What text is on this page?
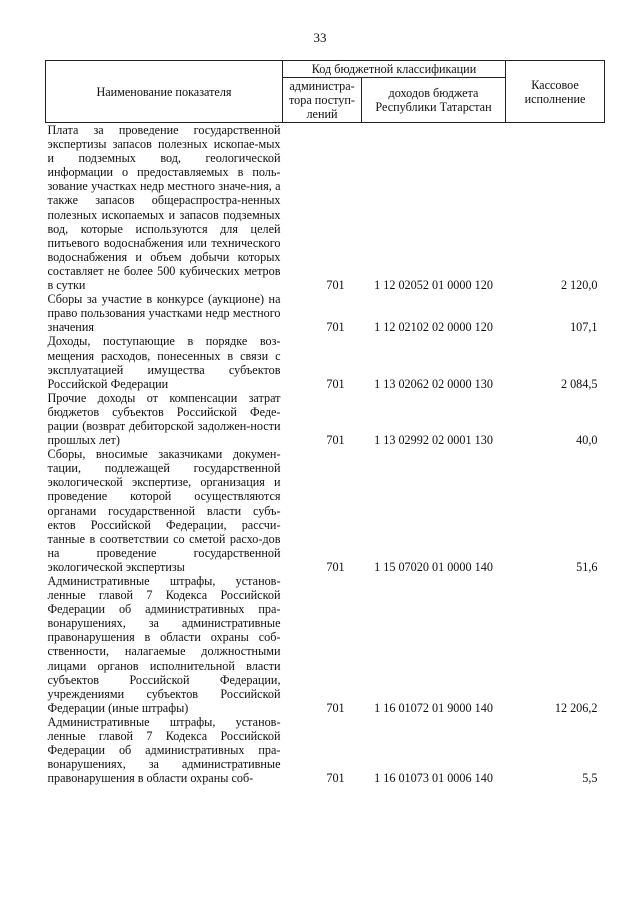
33
Наименование показателя	Код бюджетной классификации		Кассовое исполнение
	администра-тора поступ-лений	доходов бюджета Республики Татарстан	
Плата за проведение государственной экспертизы запасов полезных ископае-мых и подземных вод, геологической информации о предоставляемых в поль-зование участках недр местного значе-ния, а также запасов общераспростра-ненных полезных ископаемых и запасов подземных вод, которые используются для целей питьевого водоснабжения или технического водоснабжения и объем добычи которых составляет не более 500 кубических метров в сутки	701	1 12 02052 01 0000 120	2 120,0
Сборы за участие в конкурсе (аукционе) на право пользования участками недр местного значения	701	1 12 02102 02 0000 120	107,1
Доходы, поступающие в порядке воз-мещения расходов, понесенных в связи с эксплуатацией имущества субъектов Российской Федерации	701	1 13 02062 02 0000 130	2 084,5
Прочие доходы от компенсации затрат бюджетов субъектов Российской Феде-рации (возврат дебиторской задолжен-ности прошлых лет)	701	1 13 02992 02 0001 130	40,0
Сборы, вносимые заказчиками докумен-тации, подлежащей государственной экологической экспертизе, организация и проведение которой осуществляются органами государственной власти субъ-ектов Российской Федерации, рассчи-танные в соответствии со сметой расхо-дов на проведение государственной экологической экспертизы	701	1 15 07020 01 0000 140	51,6
Административные штрафы, установ-ленные главой 7 Кодекса Российской Федерации об административных пра-вонарушениях, за административные правонарушения в области охраны соб-ственности, налагаемые должностными лицами органов исполнительной власти субъектов Российской Федерации, учреждениями субъектов Российской Федерации (иные штрафы)	701	1 16 01072 01 9000 140	12 206,2
Административные штрафы, установ-ленные главой 7 Кодекса Российской Федерации об административных пра-вонарушениях, за административные правонарушения в области охраны соб-	701	1 16 01073 01 0006 140	5,5
